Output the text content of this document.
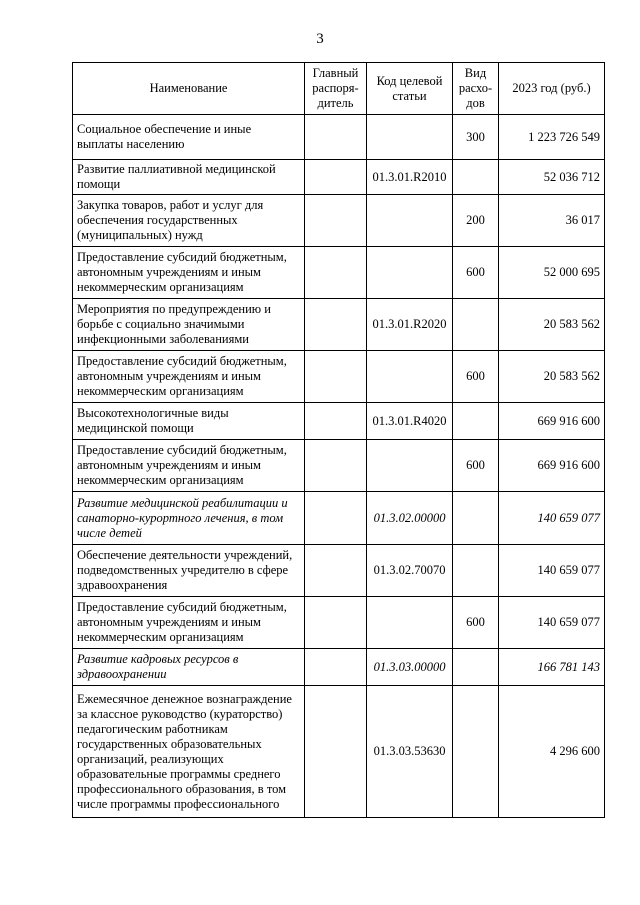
3
Наименование	Главный распоря-дитель	Код целевой статьи	Вид расхо-дов	2023 год (руб.)
Социальное обеспечение и иные выплаты населению			300	1 223 726 549
Развитие паллиативной медицинской помощи		01.3.01.R2010		52 036 712
Закупка товаров, работ и услуг для обеспечения государственных (муниципальных) нужд			200	36 017
Предоставление субсидий бюджетным, автономным учреждениям и иным некоммерческим организациям			600	52 000 695
Мероприятия по предупреждению и борьбе с социально значимыми инфекционными заболеваниями		01.3.01.R2020		20 583 562
Предоставление субсидий бюджетным, автономным учреждениям и иным некоммерческим организациям			600	20 583 562
Высокотехнологичные виды медицинской помощи		01.3.01.R4020		669 916 600
Предоставление субсидий бюджетным, автономным учреждениям и иным некоммерческим организациям			600	669 916 600
Развитие медицинской реабилитации и санаторно-курортного лечения, в том числе детей		01.3.02.00000		140 659 077
Обеспечение деятельности учреждений, подведомственных учредителю в сфере здравоохранения		01.3.02.70070		140 659 077
Предоставление субсидий бюджетным, автономным учреждениям и иным некоммерческим организациям			600	140 659 077
Развитие кадровых ресурсов в здравоохранении		01.3.03.00000		166 781 143
Ежемесячное денежное вознаграждение за классное руководство (кураторство) педагогическим работникам государственных образовательных организаций, реализующих образовательные программы среднего профессионального образования, в том числе программы профессионального		01.3.03.53630		4 296 600
